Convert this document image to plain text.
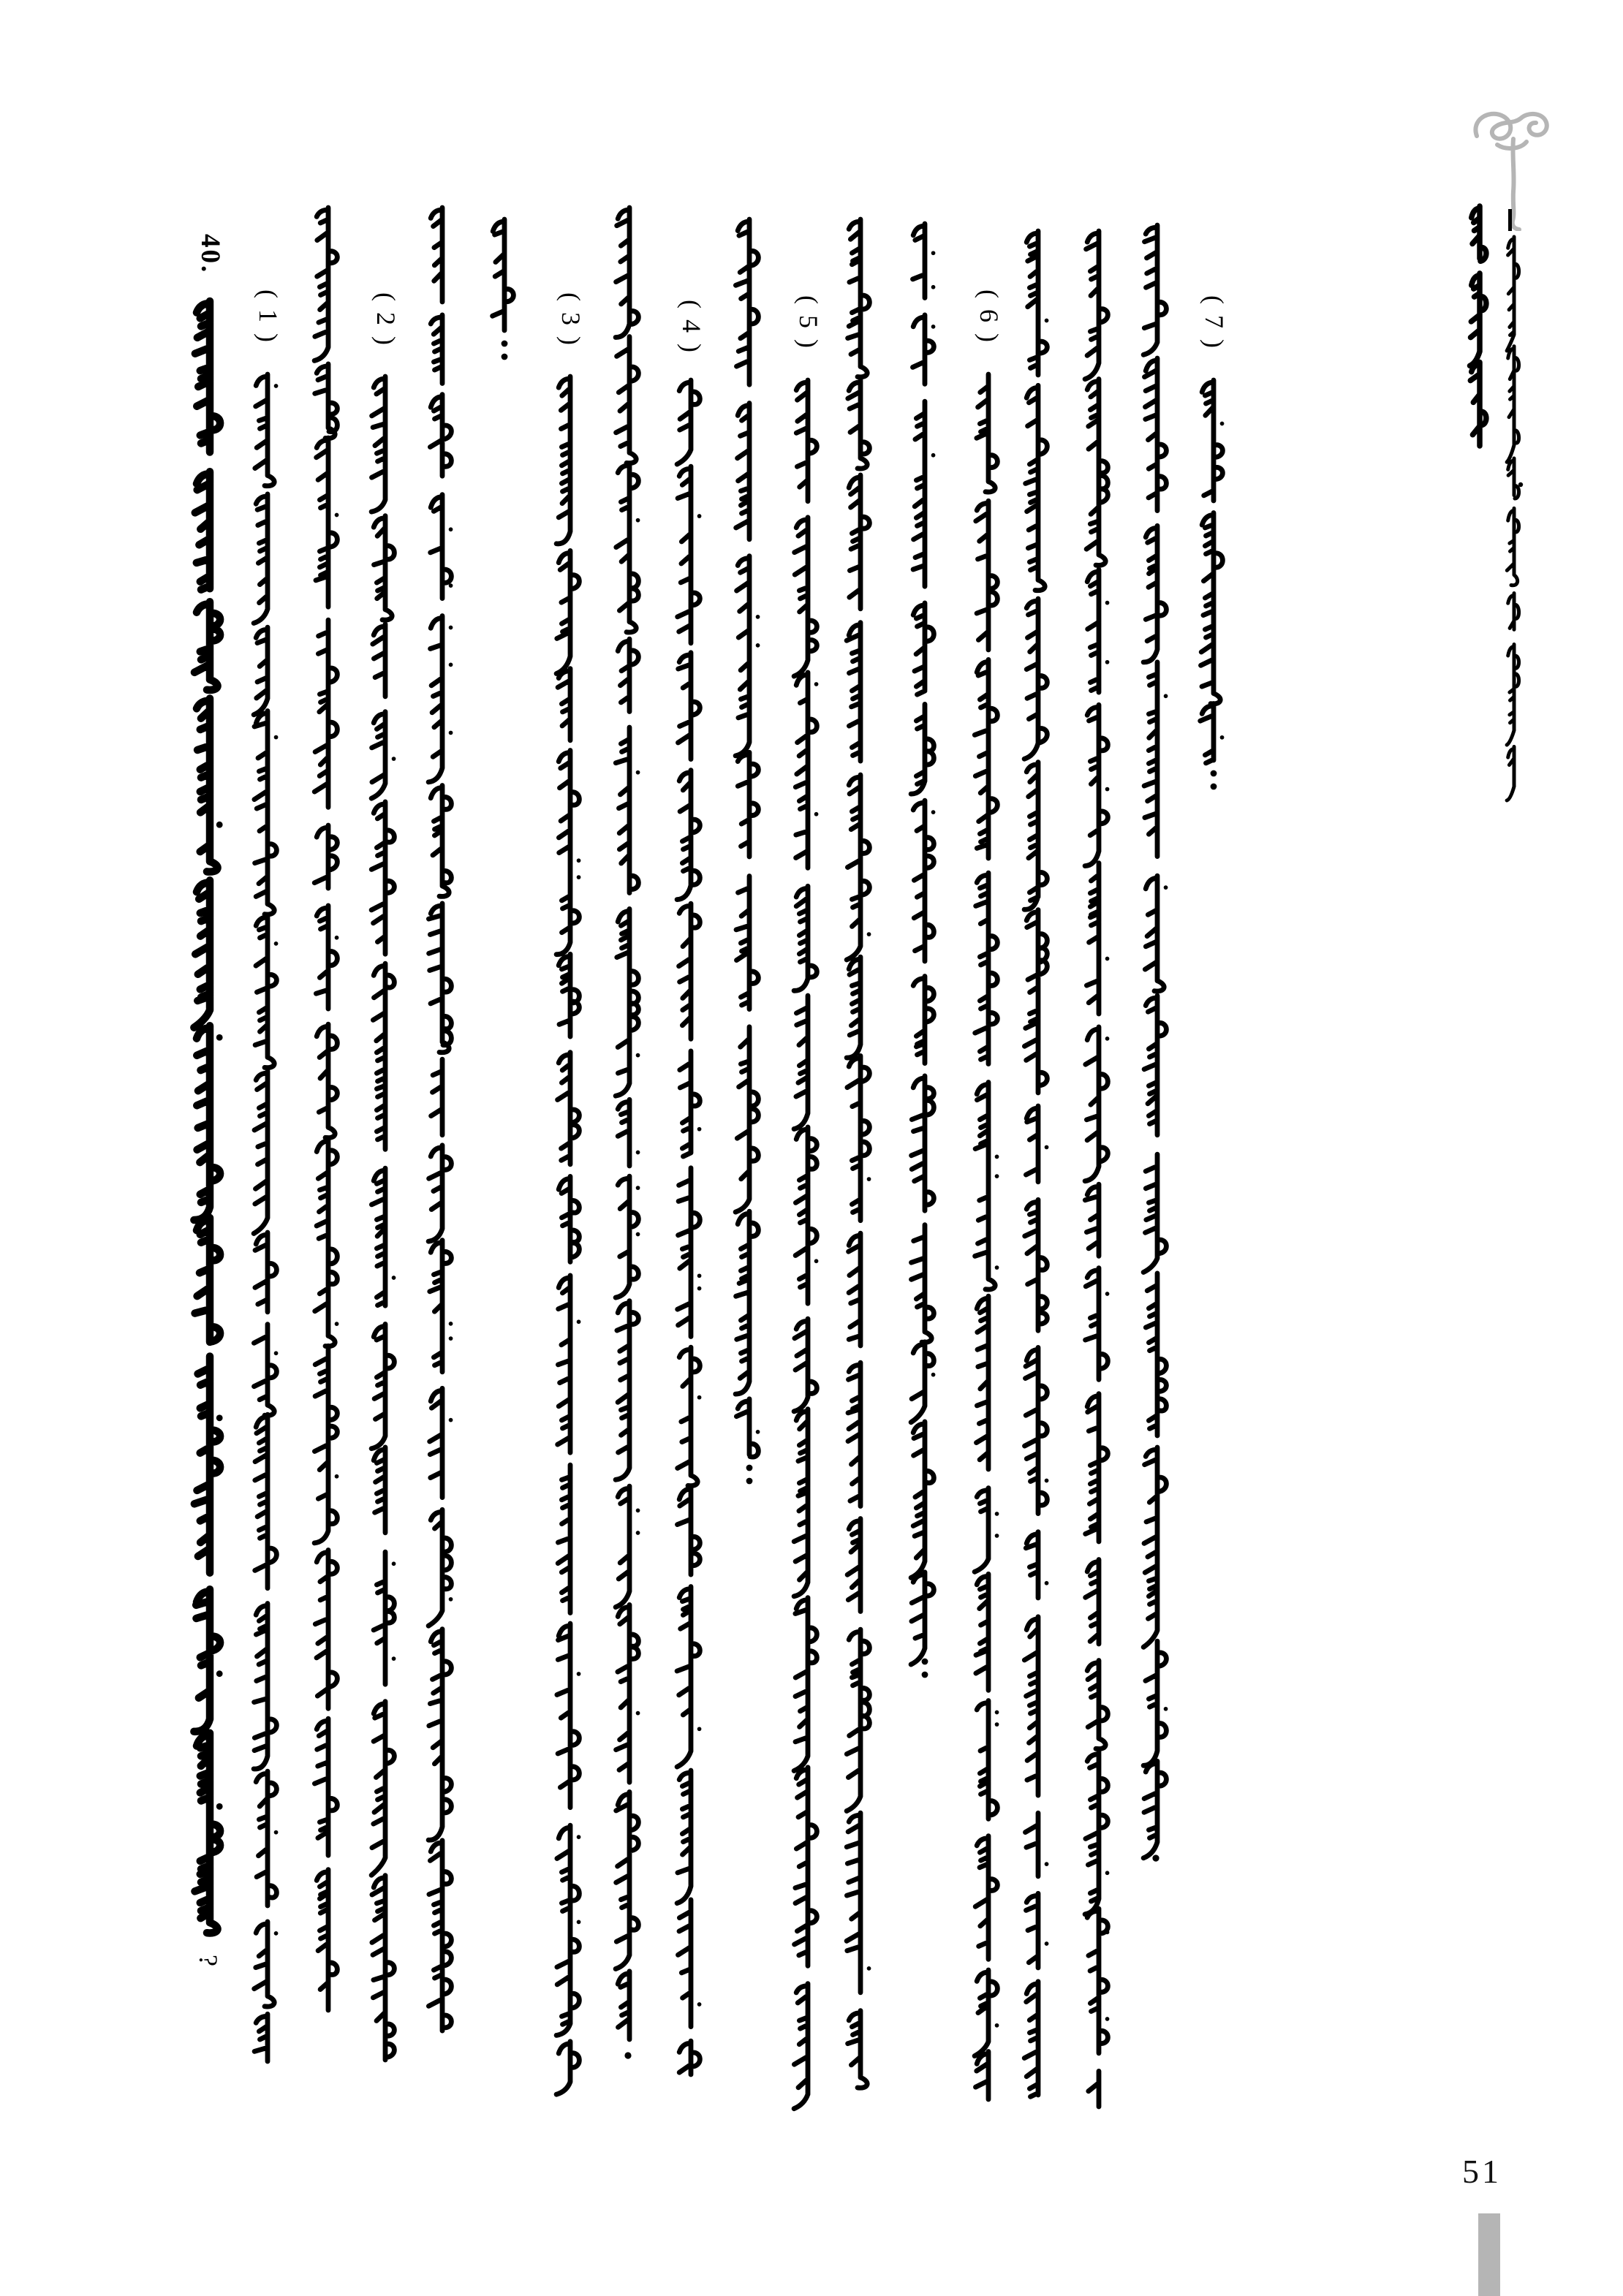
51
40.
?
( 1 )	( 2 )	( 3 )	( 4 )	( 5 )	( 6 )	( 7 )
